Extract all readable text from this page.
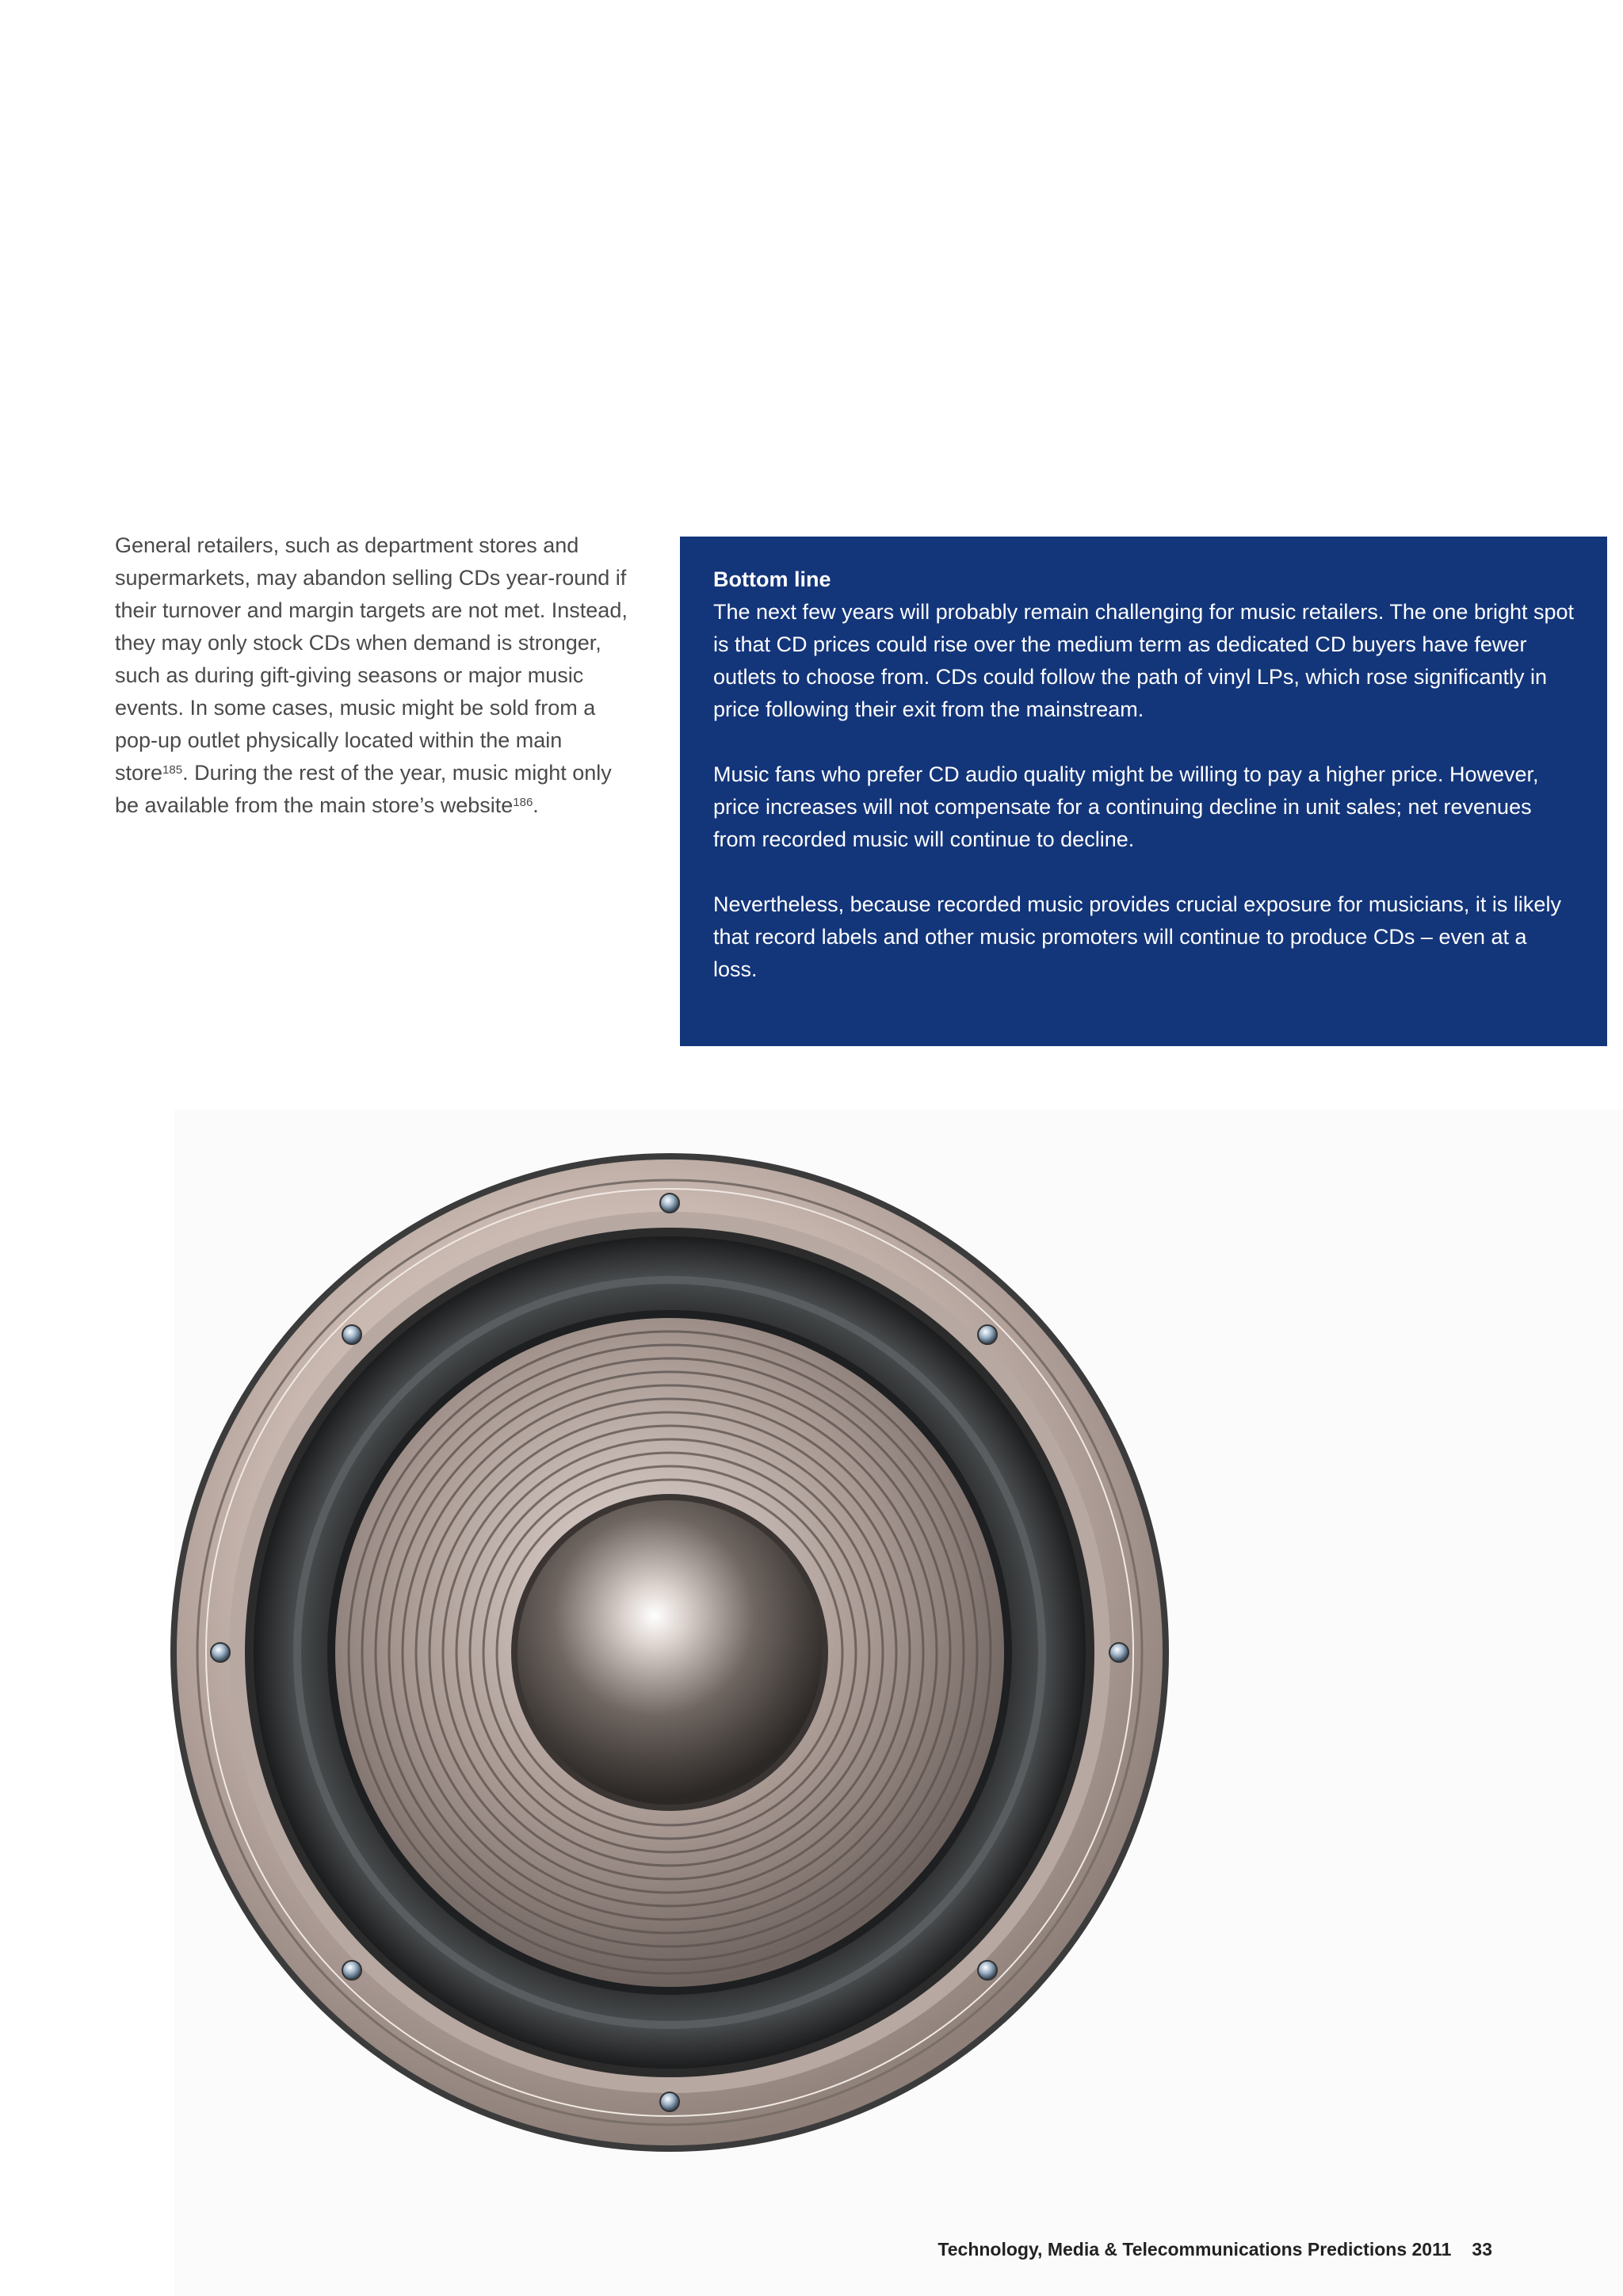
General retailers, such as department stores and supermarkets, may abandon selling CDs year-round if their turnover and margin targets are not met. Instead, they may only stock CDs when demand is stronger, such as during gift-giving seasons or major music events. In some cases, music might be sold from a pop-up outlet physically located within the main store$^{185}$. During the rest of the year, music might only be available from the main store’s website$^{186}$.

Bottom line

The next few years will probably remain challenging for music retailers. The one bright spot is that CD prices could rise over the medium term as dedicated CD buyers have fewer outlets to choose from. CDs could follow the path of vinyl LPs, which rose significantly in price following their exit from the mainstream.

Music fans who prefer CD audio quality might be willing to pay a higher price. However, price increases will not compensate for a continuing decline in unit sales; net revenues from recorded music will continue to decline.

Nevertheless, because recorded music provides crucial exposure for musicians, it is likely that record labels and other music promoters will continue to produce CDs – even at a loss.

Technology, Media & Telecommunications Predictions 2011 33
